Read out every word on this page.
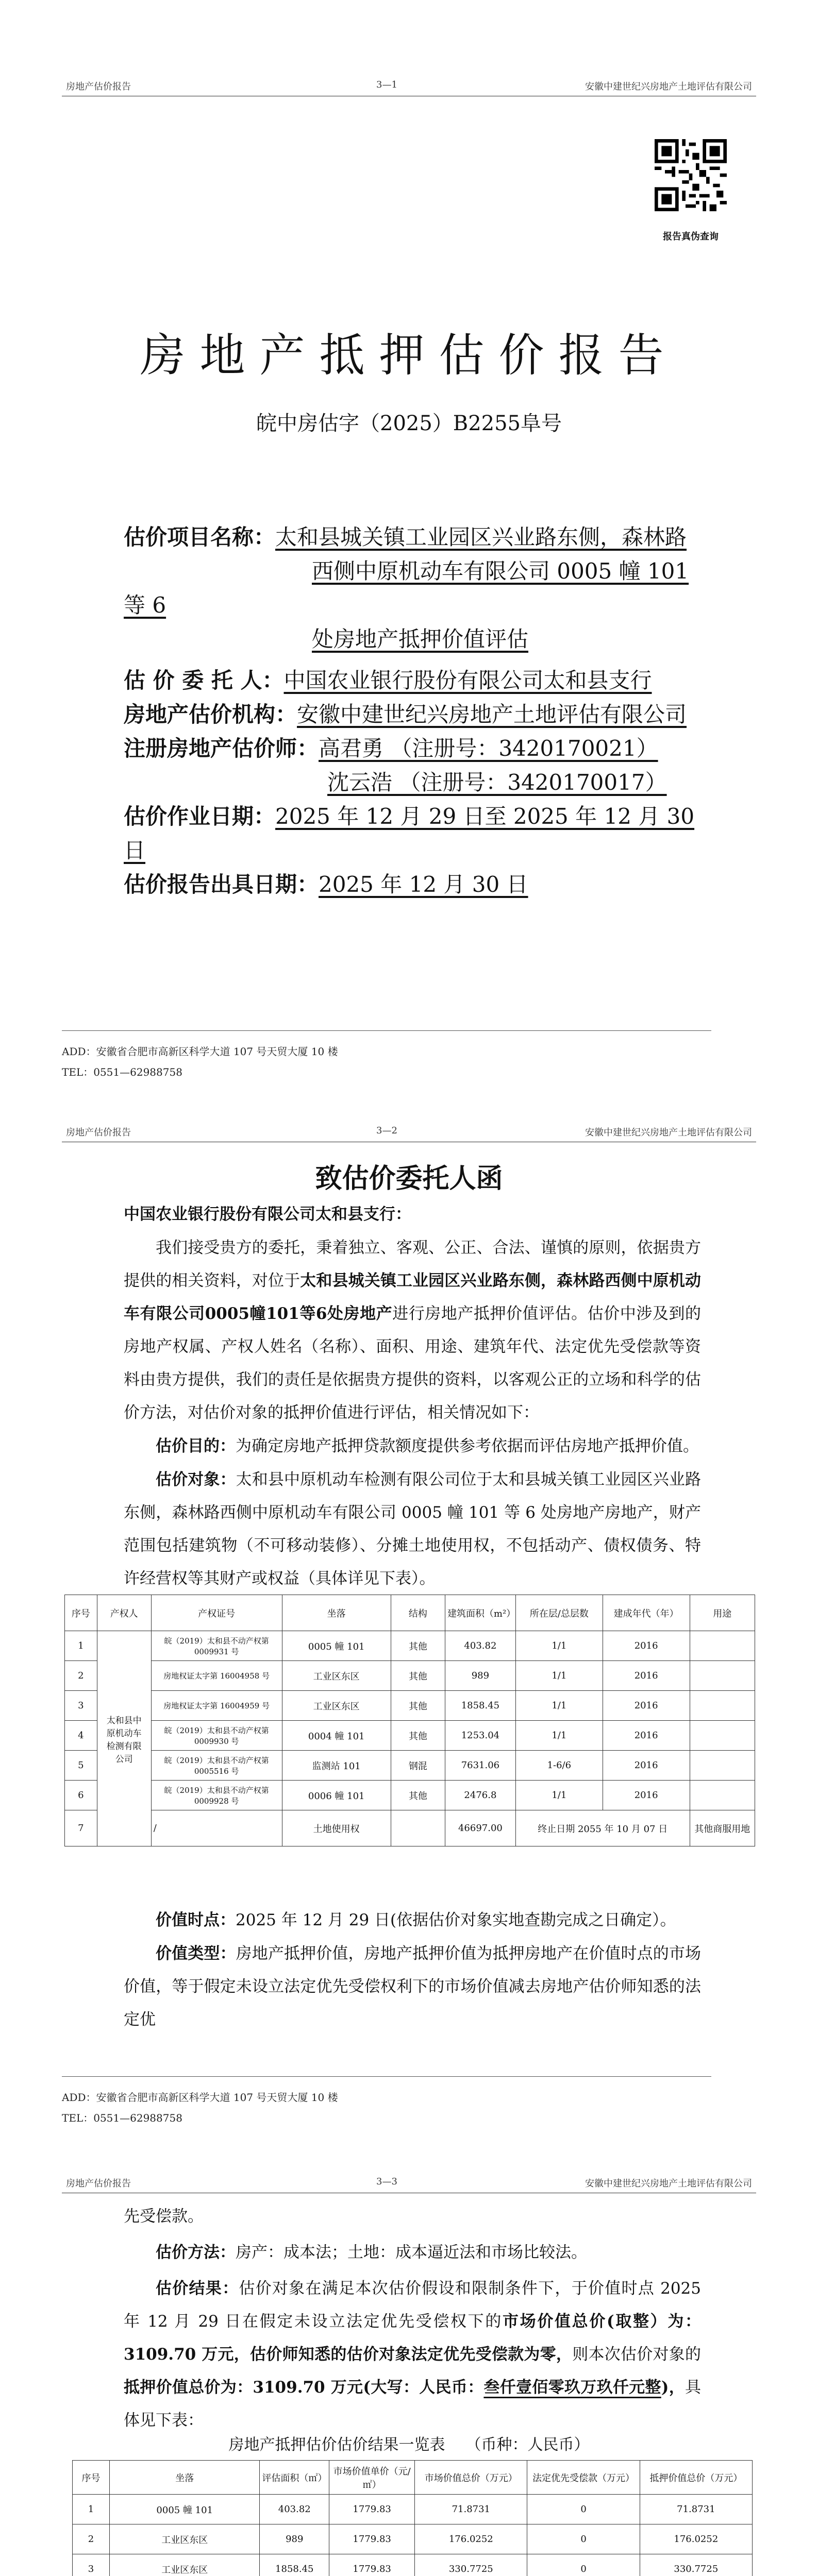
房地产估价报告	3—1	安徽中建世纪兴房地产土地评估有限公司
报告真伪查询
房地产抵押估价报告
皖中房估字（2025）B2255阜号
估价项目名称：太和县城关镇工业园区兴业路东侧，森林路
西侧中原机动车有限公司 0005 幢 101 等 6
处房地产抵押价值评估
估 价 委 托 人：中国农业银行股份有限公司太和县支行
房地产估价机构：安徽中建世纪兴房地产土地评估有限公司
注册房地产估价师：高君勇 （注册号：3420170021）
沈云浩 （注册号：3420170017）
估价作业日期：2025 年 12 月 29 日至 2025 年 12 月 30 日
估价报告出具日期：2025 年 12 月 30 日
ADD：安徽省合肥市高新区科学大道 107 号天贸大厦 10 楼
TEL：0551—62988758
房地产估价报告	3—2	安徽中建世纪兴房地产土地评估有限公司
致估价委托人函
中国农业银行股份有限公司太和县支行：
我们接受贵方的委托，秉着独立、客观、公正、合法、谨慎的原则，依据贵方提供的相关资料，对位于太和县城关镇工业园区兴业路东侧，森林路西侧中原机动车有限公司0005幢101等6处房地产进行房地产抵押价值评估。估价中涉及到的房地产权属、产权人姓名（名称）、面积、用途、建筑年代、法定优先受偿款等资料由贵方提供，我们的责任是依据贵方提供的资料，以客观公正的立场和科学的估价方法，对估价对象的抵押价值进行评估，相关情况如下：
估价目的：为确定房地产抵押贷款额度提供参考依据而评估房地产抵押价值。
估价对象：太和县中原机动车检测有限公司位于太和县城关镇工业园区兴业路东侧，森林路西侧中原机动车有限公司 0005 幢 101 等 6 处房地产房地产，财产范围包括建筑物（不可移动装修）、分摊土地使用权，不包括动产、债权债务、特许经营权等其财产或权益（具体详见下表）。
序号	产权人	产权证号	坐落	结构	建筑面积（m²）	所在层/总层数	建成年代（年）	用途
1	太和县中原机动车检测有限公司	皖（2019）太和县不动产权第 0009931 号	0005 幢 101	其他	403.82	1/1	2016	
2		房地权证太字第 16004958 号	工业区东区	其他	989	1/1	2016	
3		房地权证太字第 16004959 号	工业区东区	其他	1858.45	1/1	2016	
4		皖（2019）太和县不动产权第 0009930 号	0004 幢 101	其他	1253.04	1/1	2016	
5		皖（2019）太和县不动产权第 0005516 号	监测站 101	钢混	7631.06	1-6/6	2016	
6		皖（2019）太和县不动产权第 0009928 号	0006 幢 101	其他	2476.8	1/1	2016	
7		/	土地使用权		46697.00	终止日期 2055 年 10 月 07 日		其他商服用地
价值时点：2025 年 12 月 29 日(依据估价对象实地查勘完成之日确定）。
价值类型：房地产抵押价值，房地产抵押价值为抵押房地产在价值时点的市场价值，等于假定未设立法定优先受偿权利下的市场价值减去房地产估价师知悉的法定优
ADD：安徽省合肥市高新区科学大道 107 号天贸大厦 10 楼
TEL：0551—62988758
房地产估价报告	3—3	安徽中建世纪兴房地产土地评估有限公司
先受偿款。
估价方法：房产：成本法；土地：成本逼近法和市场比较法。
估价结果：估价对象在满足本次估价假设和限制条件下，于价值时点 2025 年 12 月 29 日在假定未设立法定优先受偿权下的市场价值总价(取整）为：3109.70 万元，估价师知悉的估价对象法定优先受偿款为零，则本次估价对象的抵押价值总价为：3109.70 万元(大写：人民币：叁仟壹佰零玖万玖仟元整)，具体见下表：
房地产抵押估价估价结果一览表 （币种：人民币）
序号	坐落	评估面积（㎡）	市场价值单价（元/㎡）	市场价值总价（万元）	法定优先受偿款（万元）	抵押价值总价（万元）
1	0005 幢 101	403.82	1779.83	71.8731	0	71.8731
2	工业区东区	989	1779.83	176.0252	0	176.0252
3	工业区东区	1858.45	1779.83	330.7725	0	330.7725
